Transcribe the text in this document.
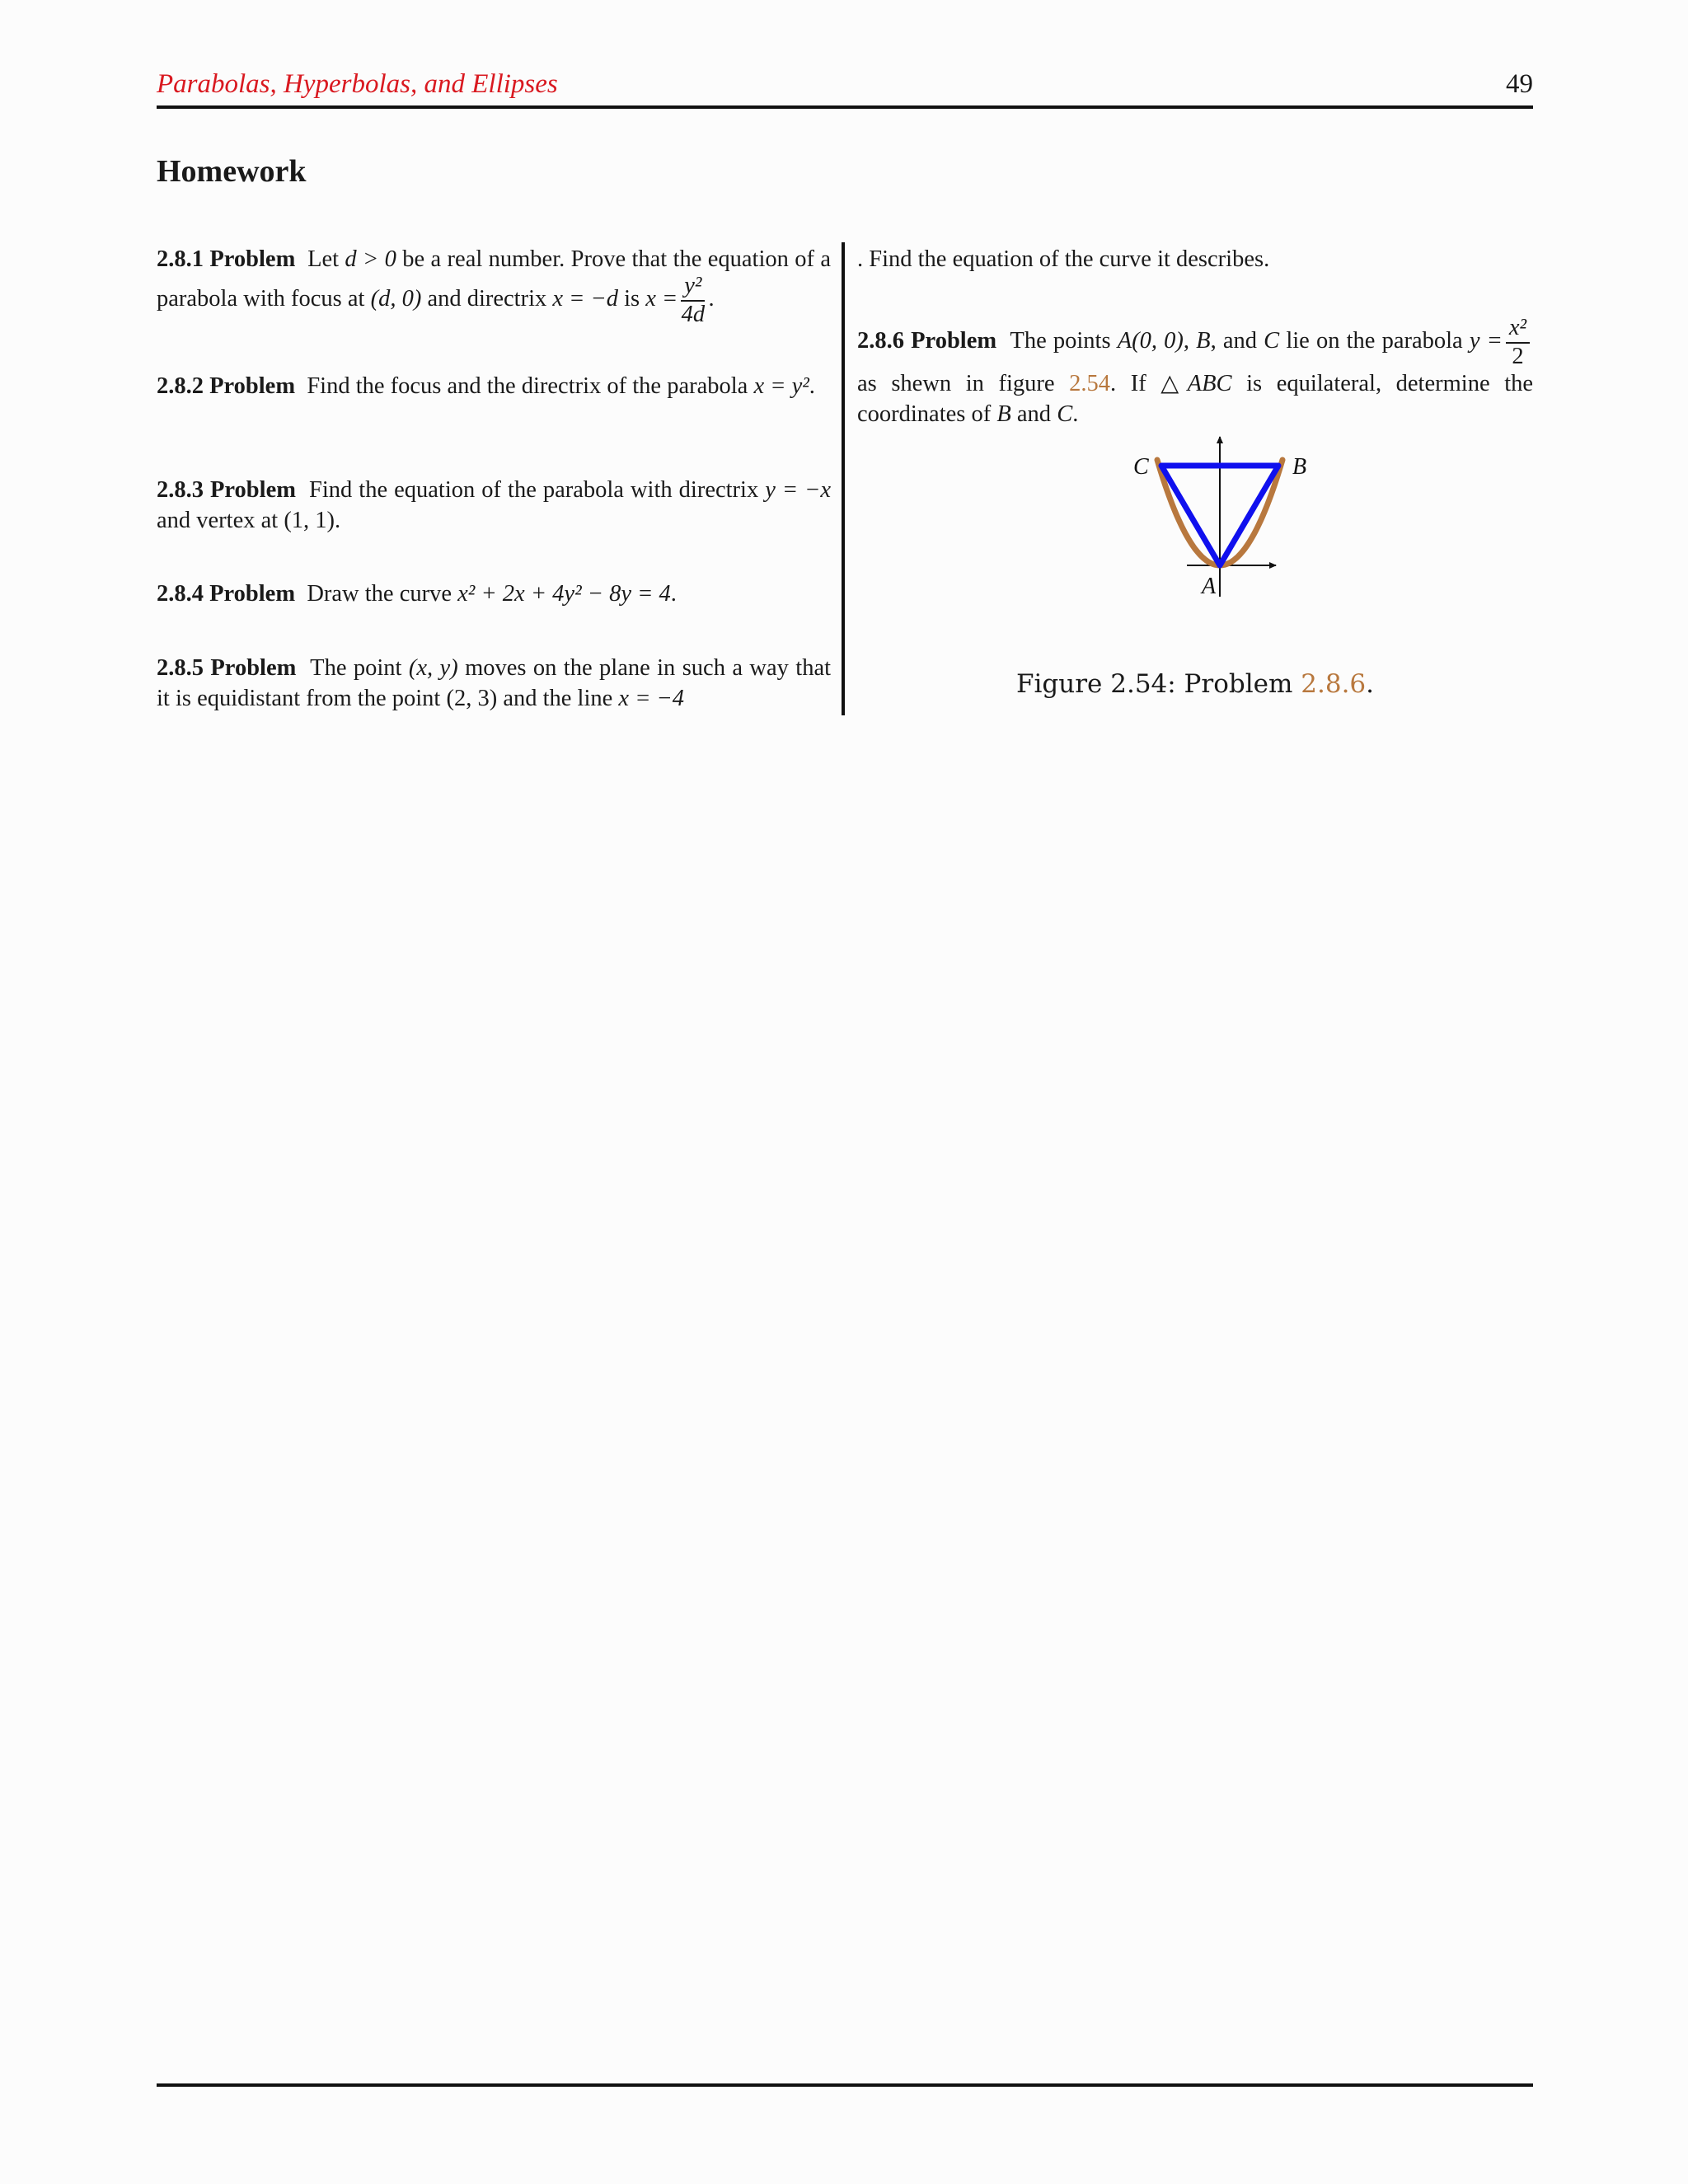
Parabolas, Hyperbolas, and Ellipses	49
Homework
2.8.1 Problem Let d > 0 be a real number. Prove that the equation of a parabola with focus at (d, 0) and directrix x = −d is $x = \frac{\text{y²}}{4d}$ .
2.8.2 Problem Find the focus and the directrix of the parabola x = y².
2.8.3 Problem Find the equation of the parabola with directrix y = −x and vertex at (1, 1).
2.8.4 Problem Draw the curve x² + 2x + 4y² − 8y = 4.
2.8.5 Problem The point (x, y) moves on the plane in such a way that it is equidistant from the point (2, 3) and the line x = −4
. Find the equation of the curve it describes.
2.8.6 Problem The points A(0, 0), B, and C lie on the parabola $y = \frac{\text{x²}}{2}$
as shewn in figure 2.54. If △ABC is equilateral, determine the coordinates of B and C.
C	B
A
Figure 2.54: Problem 2.8.6.
